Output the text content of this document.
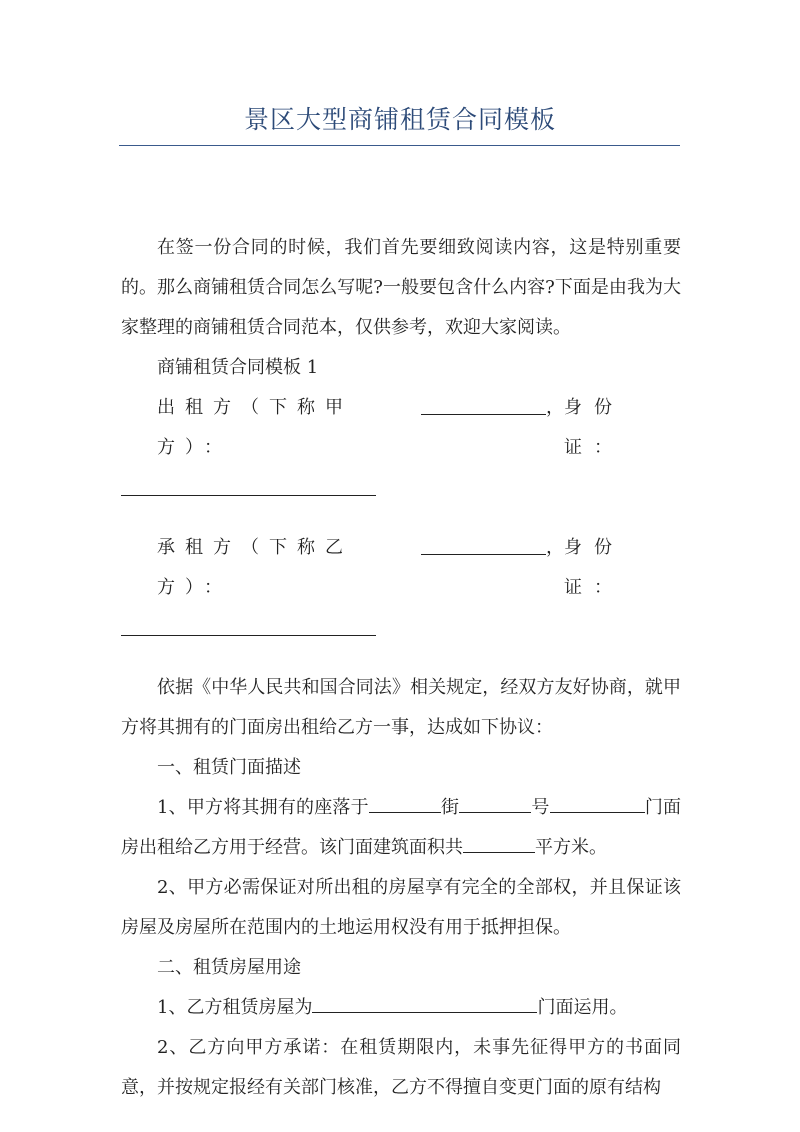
景区大型商铺租赁合同模板

在签一份合同的时候，我们首先要细致阅读内容，这是特别重要的。那么商铺租赁合同怎么写呢?一般要包含什么内容?下面是由我为大家整理的商铺租赁合同范本，仅供参考，欢迎大家阅读。

商铺租赁合同模板 1

出租方（下称甲方）：
， 身份证：
承租方（下称乙方）：
， 身份证：

依据《中华人民共和国合同法》相关规定，经双方友好协商，就甲方将其拥有的门面房出租给乙方一事，达成如下协议：

一、租赁门面描述

1、甲方将其拥有的座落于	街	号	门面房出租给乙方用于经营。该门面建筑面积共	平方米。

2、甲方必需保证对所出租的房屋享有完全的全部权，并且保证该房屋及房屋所在范围内的土地运用权没有用于抵押担保。

二、租赁房屋用途

1、乙方租赁房屋为	门面运用。

2、乙方向甲方承诺：在租赁期限内，未事先征得甲方的书面同意，并按规定报经有关部门核准，乙方不得擅自变更门面的原有结构
